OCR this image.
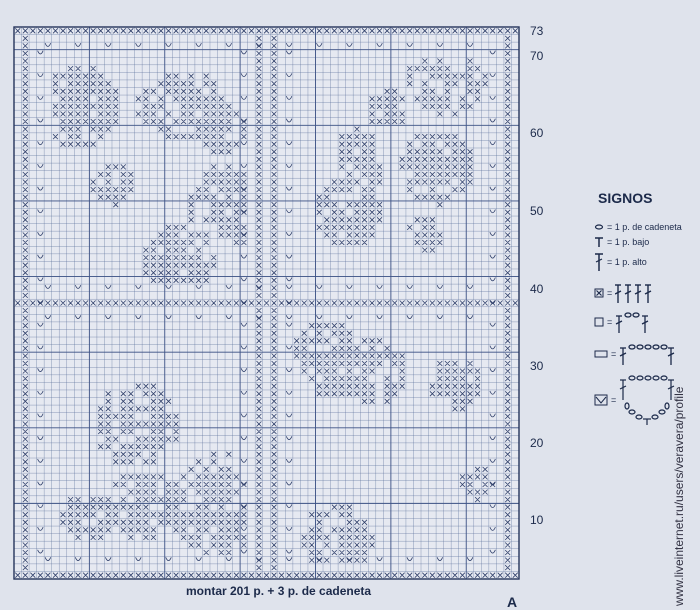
73
70
60
50
40
30
20
10
montar 201 p. + 3 p. de cadeneta
A
SIGNOS
= 1 p. de cadeneta
= 1 p. bajo
= 1 p. alto
=
=
=
=	www.liveinternet.ru/users/veravera/profile
